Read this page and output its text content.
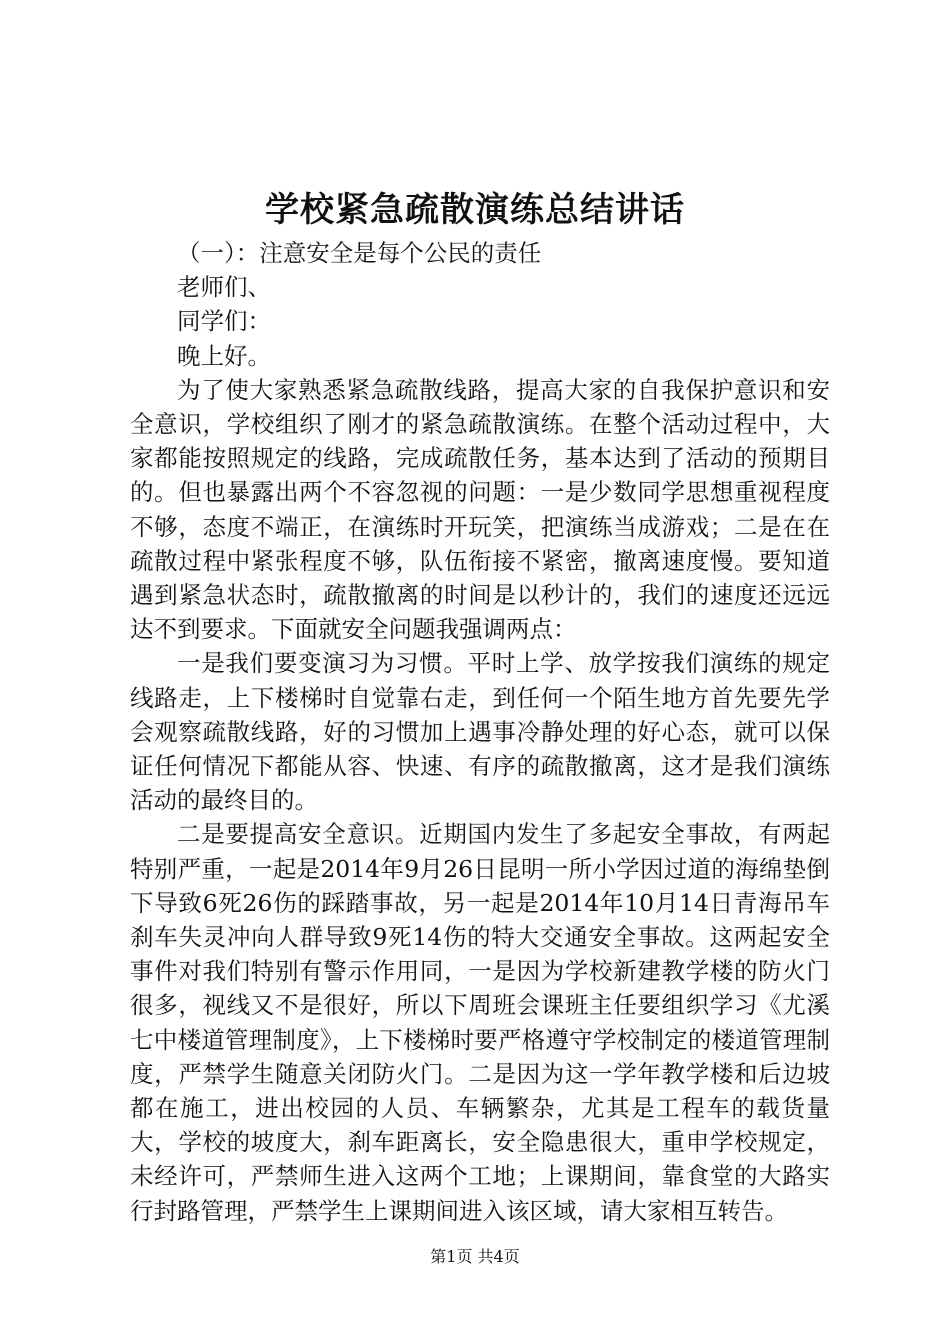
学校紧急疏散演练总结讲话

（一）：注意安全是每个公民的责任

老师们、

同学们：

晚上好。

为了使大家熟悉紧急疏散线路，提高大家的自我保护意识和安全意识，学校组织了刚才的紧急疏散演练。在整个活动过程中，大家都能按照规定的线路，完成疏散任务，基本达到了活动的预期目的。但也暴露出两个不容忽视的问题：一是少数同学思想重视程度不够，态度不端正，在演练时开玩笑，把演练当成游戏；二是在在疏散过程中紧张程度不够，队伍衔接不紧密，撤离速度慢。要知道遇到紧急状态时，疏散撤离的时间是以秒计的，我们的速度还远远达不到要求。下面就安全问题我强调两点：

一是我们要变演习为习惯。平时上学、放学按我们演练的规定线路走，上下楼梯时自觉靠右走，到任何一个陌生地方首先要先学会观察疏散线路，好的习惯加上遇事冷静处理的好心态，就可以保证任何情况下都能从容、快速、有序的疏散撤离，这才是我们演练活动的最终目的。

二是要提高安全意识。近期国内发生了多起安全事故，有两起特别严重，一起是2014年9月26日昆明一所小学因过道的海绵垫倒下导致6死26伤的踩踏事故，另一起是2014年10月14日青海吊车刹车失灵冲向人群导致9死14伤的特大交通安全事故。这两起安全事件对我们特别有警示作用同，一是因为学校新建教学楼的防火门很多，视线又不是很好，所以下周班会课班主任要组织学习《尤溪七中楼道管理制度》，上下楼梯时要严格遵守学校制定的楼道管理制度，严禁学生随意关闭防火门。二是因为这一学年教学楼和后边坡都在施工，进出校园的人员、车辆繁杂，尤其是工程车的载货量大，学校的坡度大，刹车距离长，安全隐患很大，重申学校规定，未经许可，严禁师生进入这两个工地；上课期间，靠食堂的大路实行封路管理，严禁学生上课期间进入该区域，请大家相互转告。

第1页 共4页
